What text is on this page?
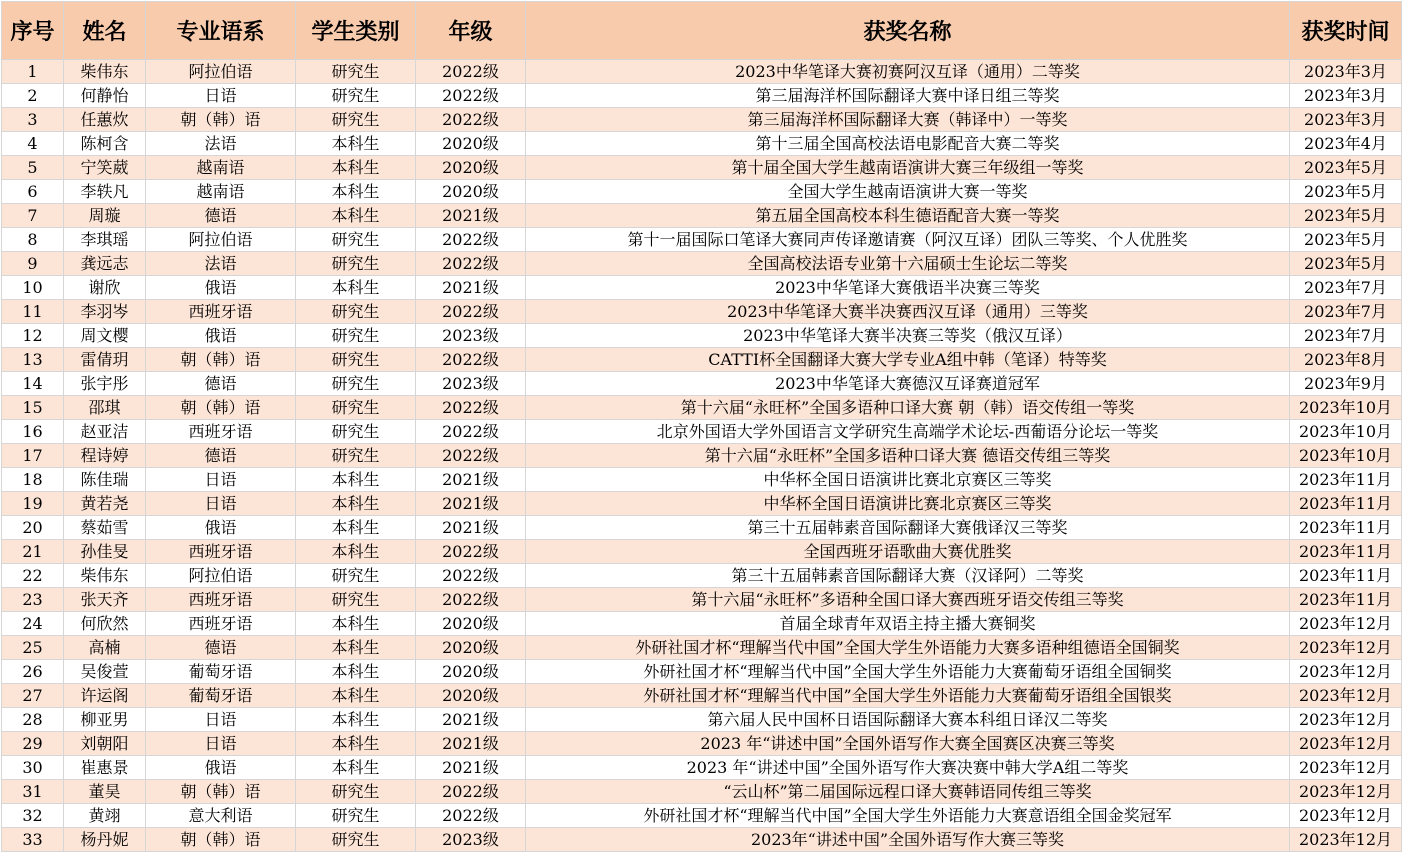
序号	姓名	专业语系	学生类别	年级	获奖名称	获奖时间
1	柴伟东	阿拉伯语	研究生	2022级	2023中华笔译大赛初赛阿汉互译（通用）二等奖	2023年3月
2	何静怡	日语	研究生	2022级	第三届海洋杯国际翻译大赛中译日组三等奖	2023年3月
3	任蕙炊	朝（韩）语	研究生	2022级	第三届海洋杯国际翻译大赛（韩译中）一等奖	2023年3月
4	陈柯含	法语	本科生	2020级	第十三届全国高校法语电影配音大赛二等奖	2023年4月
5	宁笑葳	越南语	本科生	2020级	第十届全国大学生越南语演讲大赛三年级组一等奖	2023年5月
6	李轶凡	越南语	本科生	2020级	全国大学生越南语演讲大赛一等奖	2023年5月
7	周璇	德语	本科生	2021级	第五届全国高校本科生德语配音大赛一等奖	2023年5月
8	李琪瑶	阿拉伯语	研究生	2022级	第十一届国际口笔译大赛同声传译邀请赛（阿汉互译）团队三等奖、个人优胜奖	2023年5月
9	龚远志	法语	研究生	2022级	全国高校法语专业第十六届硕士生论坛二等奖	2023年5月
10	谢欣	俄语	本科生	2021级	2023中华笔译大赛俄语半决赛三等奖	2023年7月
11	李羽岑	西班牙语	研究生	2022级	2023中华笔译大赛半决赛西汉互译（通用）三等奖	2023年7月
12	周文樱	俄语	研究生	2023级	2023中华笔译大赛半决赛三等奖（俄汉互译）	2023年7月
13	雷倩玥	朝（韩）语	研究生	2022级	CATTI杯全国翻译大赛大学专业A组中韩（笔译）特等奖	2023年8月
14	张宇彤	德语	研究生	2023级	2023中华笔译大赛德汉互译赛道冠军	2023年9月
15	邵琪	朝（韩）语	研究生	2022级	第十六届“永旺杯”全国多语种口译大赛 朝（韩）语交传组一等奖	2023年10月
16	赵亚洁	西班牙语	研究生	2022级	北京外国语大学外国语言文学研究生高端学术论坛-西葡语分论坛一等奖	2023年10月
17	程诗婷	德语	研究生	2022级	第十六届“永旺杯”全国多语种口译大赛 德语交传组三等奖	2023年10月
18	陈佳瑞	日语	本科生	2021级	中华杯全国日语演讲比赛北京赛区三等奖	2023年11月
19	黄若尧	日语	本科生	2021级	中华杯全国日语演讲比赛北京赛区三等奖	2023年11月
20	蔡茹雪	俄语	本科生	2021级	第三十五届韩素音国际翻译大赛俄译汉三等奖	2023年11月
21	孙佳旻	西班牙语	本科生	2022级	全国西班牙语歌曲大赛优胜奖	2023年11月
22	柴伟东	阿拉伯语	研究生	2022级	第三十五届韩素音国际翻译大赛（汉译阿）二等奖	2023年11月
23	张天齐	西班牙语	研究生	2022级	第十六届“永旺杯”多语种全国口译大赛西班牙语交传组三等奖	2023年11月
24	何欣然	西班牙语	本科生	2020级	首届全球青年双语主持主播大赛铜奖	2023年12月
25	高楠	德语	本科生	2020级	外研社国才杯“理解当代中国”全国大学生外语能力大赛多语种组德语全国铜奖	2023年12月
26	吴俊萱	葡萄牙语	本科生	2020级	外研社国才杯“理解当代中国”全国大学生外语能力大赛葡萄牙语组全国铜奖	2023年12月
27	许运阁	葡萄牙语	本科生	2020级	外研社国才杯“理解当代中国”全国大学生外语能力大赛葡萄牙语组全国银奖	2023年12月
28	柳亚男	日语	本科生	2021级	第六届人民中国杯日语国际翻译大赛本科组日译汉二等奖	2023年12月
29	刘朝阳	日语	本科生	2021级	2023 年“讲述中国”全国外语写作大赛全国赛区决赛三等奖	2023年12月
30	崔惠景	俄语	本科生	2021级	2023 年“讲述中国”全国外语写作大赛决赛中韩大学A组二等奖	2023年12月
31	董昊	朝（韩）语	研究生	2022级	“云山杯”第二届国际远程口译大赛韩语同传组三等奖	2023年12月
32	黄翊	意大利语	研究生	2022级	外研社国才杯“理解当代中国”全国大学生外语能力大赛意语组全国金奖冠军	2023年12月
33	杨丹妮	朝（韩）语	研究生	2023级	2023年“讲述中国”全国外语写作大赛三等奖	2023年12月
